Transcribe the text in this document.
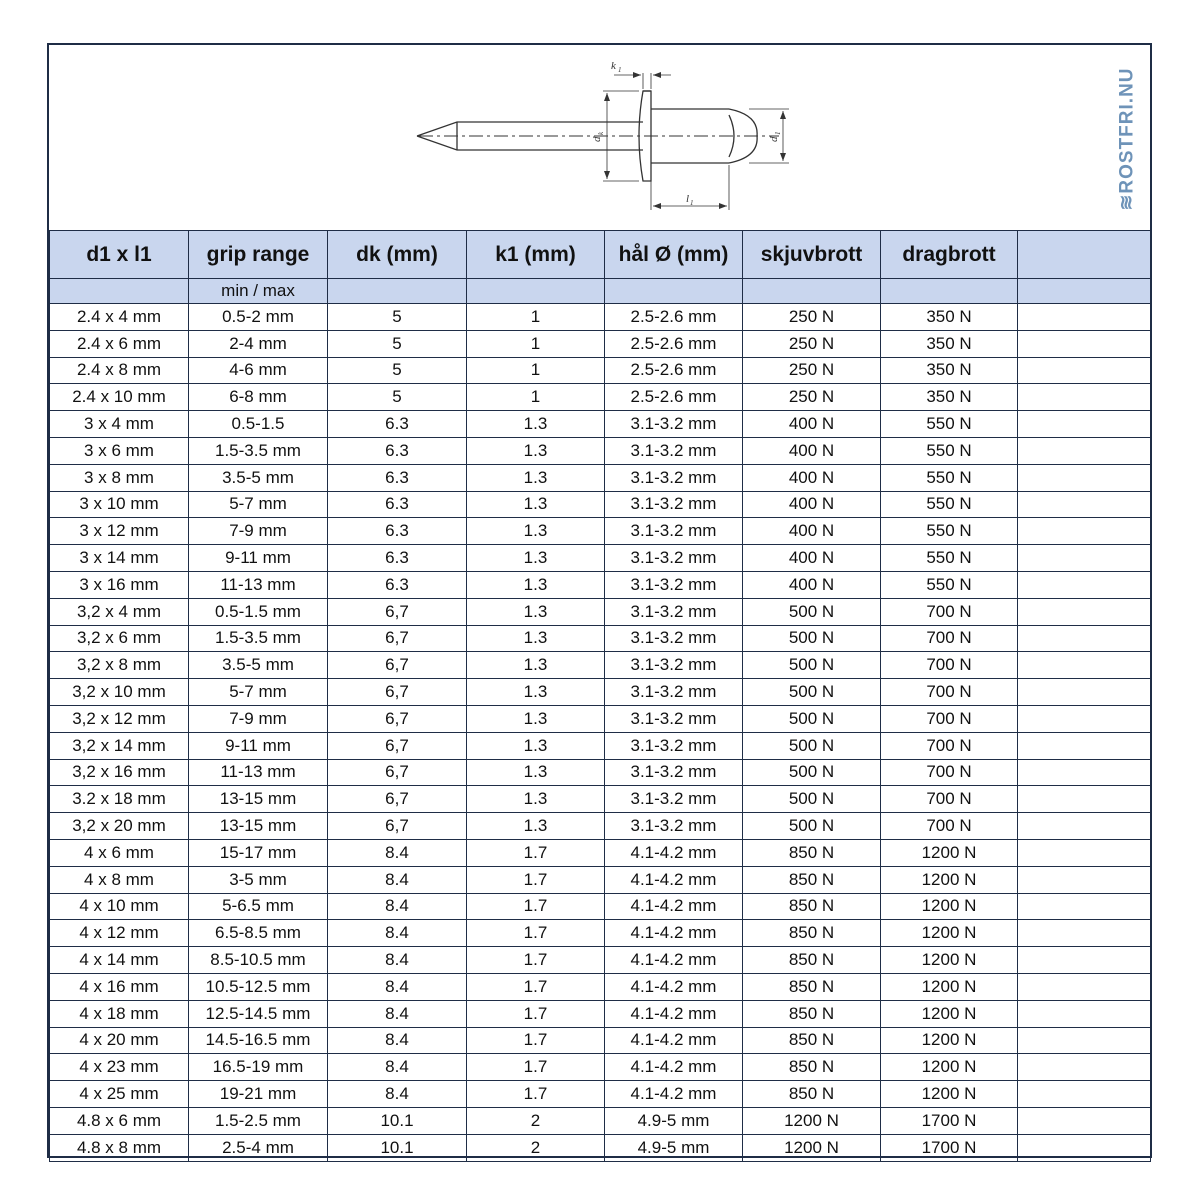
k 1
d
k
d
1
l 1	≋ROSTFRI.NU
d1 x l1	grip range	dk (mm)	k1 (mm)	hål Ø (mm)	skjuvbrott	dragbrott	
	min / max						
2.4 x 4 mm	0.5-2 mm	5	1	2.5-2.6 mm	250 N	350 N	
2.4 x 6 mm	2-4 mm	5	1	2.5-2.6 mm	250 N	350 N	
2.4 x 8 mm	4-6 mm	5	1	2.5-2.6 mm	250 N	350 N	
2.4 x 10 mm	6-8 mm	5	1	2.5-2.6 mm	250 N	350 N	
3 x 4 mm	0.5-1.5	6.3	1.3	3.1-3.2 mm	400 N	550 N	
3 x 6 mm	1.5-3.5 mm	6.3	1.3	3.1-3.2 mm	400 N	550 N	
3 x 8 mm	3.5-5 mm	6.3	1.3	3.1-3.2 mm	400 N	550 N	
3 x 10 mm	5-7 mm	6.3	1.3	3.1-3.2 mm	400 N	550 N	
3 x 12 mm	7-9 mm	6.3	1.3	3.1-3.2 mm	400 N	550 N	
3 x 14 mm	9-11 mm	6.3	1.3	3.1-3.2 mm	400 N	550 N	
3 x 16 mm	11-13 mm	6.3	1.3	3.1-3.2 mm	400 N	550 N	
3,2 x 4 mm	0.5-1.5 mm	6,7	1.3	3.1-3.2 mm	500 N	700 N	
3,2 x 6 mm	1.5-3.5 mm	6,7	1.3	3.1-3.2 mm	500 N	700 N	
3,2 x 8 mm	3.5-5 mm	6,7	1.3	3.1-3.2 mm	500 N	700 N	
3,2 x 10 mm	5-7 mm	6,7	1.3	3.1-3.2 mm	500 N	700 N	
3,2 x 12 mm	7-9 mm	6,7	1.3	3.1-3.2 mm	500 N	700 N	
3,2 x 14 mm	9-11 mm	6,7	1.3	3.1-3.2 mm	500 N	700 N	
3,2 x 16 mm	11-13 mm	6,7	1.3	3.1-3.2 mm	500 N	700 N	
3.2 x 18 mm	13-15 mm	6,7	1.3	3.1-3.2 mm	500 N	700 N	
3,2 x 20 mm	13-15 mm	6,7	1.3	3.1-3.2 mm	500 N	700 N	
4 x 6 mm	15-17 mm	8.4	1.7	4.1-4.2 mm	850 N	1200 N	
4 x 8 mm	3-5 mm	8.4	1.7	4.1-4.2 mm	850 N	1200 N	
4 x 10 mm	5-6.5 mm	8.4	1.7	4.1-4.2 mm	850 N	1200 N	
4 x 12 mm	6.5-8.5 mm	8.4	1.7	4.1-4.2 mm	850 N	1200 N	
4 x 14 mm	8.5-10.5 mm	8.4	1.7	4.1-4.2 mm	850 N	1200 N	
4 x 16 mm	10.5-12.5 mm	8.4	1.7	4.1-4.2 mm	850 N	1200 N	
4 x 18 mm	12.5-14.5 mm	8.4	1.7	4.1-4.2 mm	850 N	1200 N	
4 x 20 mm	14.5-16.5 mm	8.4	1.7	4.1-4.2 mm	850 N	1200 N	
4 x 23 mm	16.5-19 mm	8.4	1.7	4.1-4.2 mm	850 N	1200 N	
4 x 25 mm	19-21 mm	8.4	1.7	4.1-4.2 mm	850 N	1200 N	
4.8 x 6 mm	1.5-2.5 mm	10.1	2	4.9-5 mm	1200 N	1700 N	
4.8 x 8 mm	2.5-4 mm	10.1	2	4.9-5 mm	1200 N	1700 N	
